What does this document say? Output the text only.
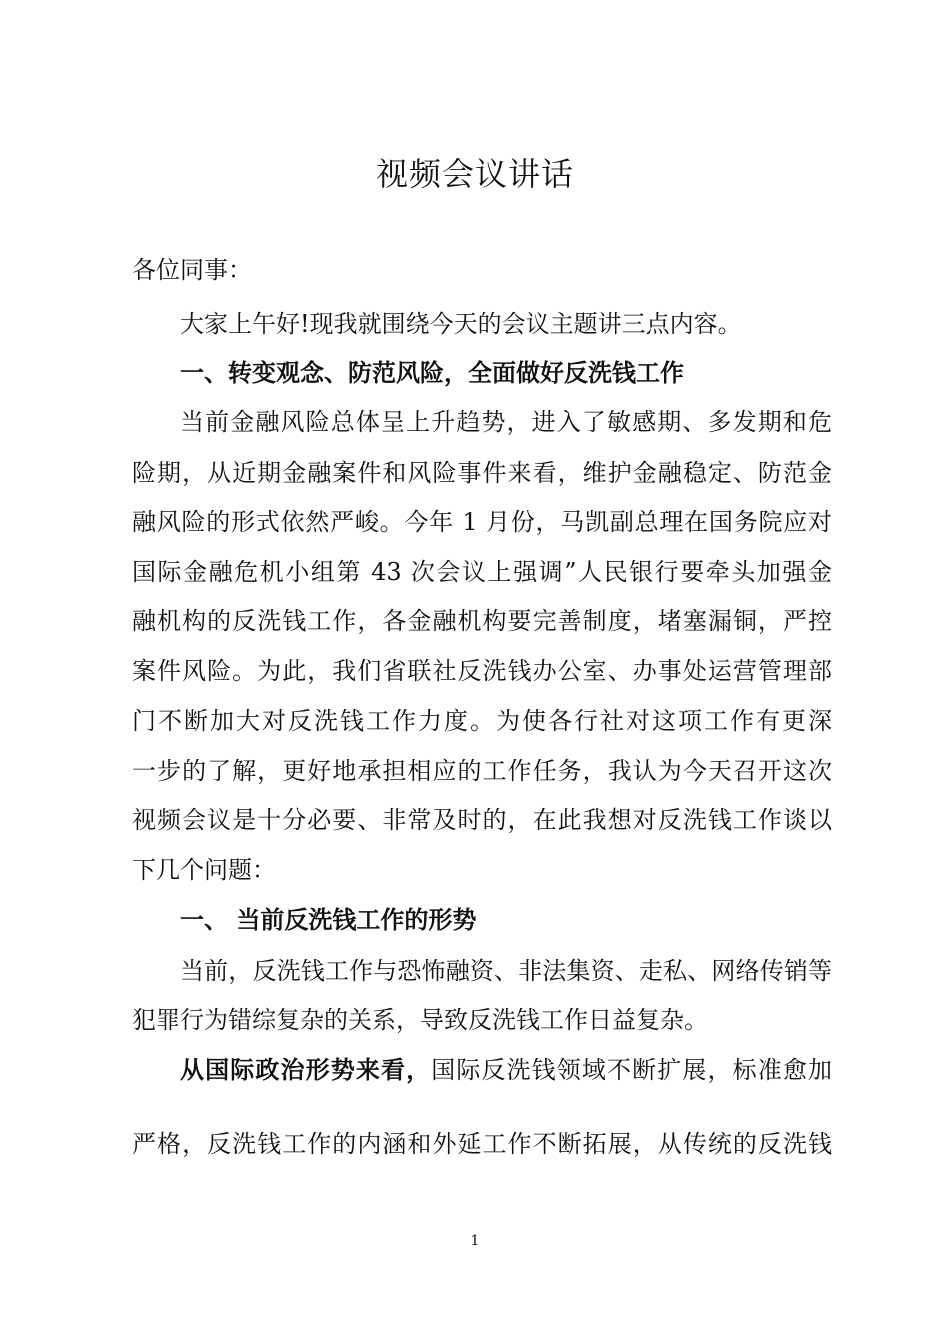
视频会议讲话
各位同事：
大家上午好!现我就围绕今天的会议主题讲三点内容。
一、转变观念、防范风险，全面做好反洗钱工作
当前金融风险总体呈上升趋势，进入了敏感期、多发期和危
险期，从近期金融案件和风险事件来看，维护金融稳定、防范金
融风险的形式依然严峻。今年 1 月份，马凯副总理在国务院应对
国际金融危机小组第 43 次会议上强调”人民银行要牵头加强金
融机构的反洗钱工作，各金融机构要完善制度，堵塞漏铜，严控
案件风险。为此，我们省联社反洗钱办公室、办事处运营管理部
门不断加大对反洗钱工作力度。为使各行社对这项工作有更深
一步的了解，更好地承担相应的工作任务，我认为今天召开这次
视频会议是十分必要、非常及时的，在此我想对反洗钱工作谈以
下几个问题：
一、 当前反洗钱工作的形势
当前，反洗钱工作与恐怖融资、非法集资、走私、网络传销等
犯罪行为错综复杂的关系，导致反洗钱工作日益复杂。
从国际政治形势来看，国际反洗钱领域不断扩展，标准愈加
严格，反洗钱工作的内涵和外延工作不断拓展，从传统的反洗钱
1
